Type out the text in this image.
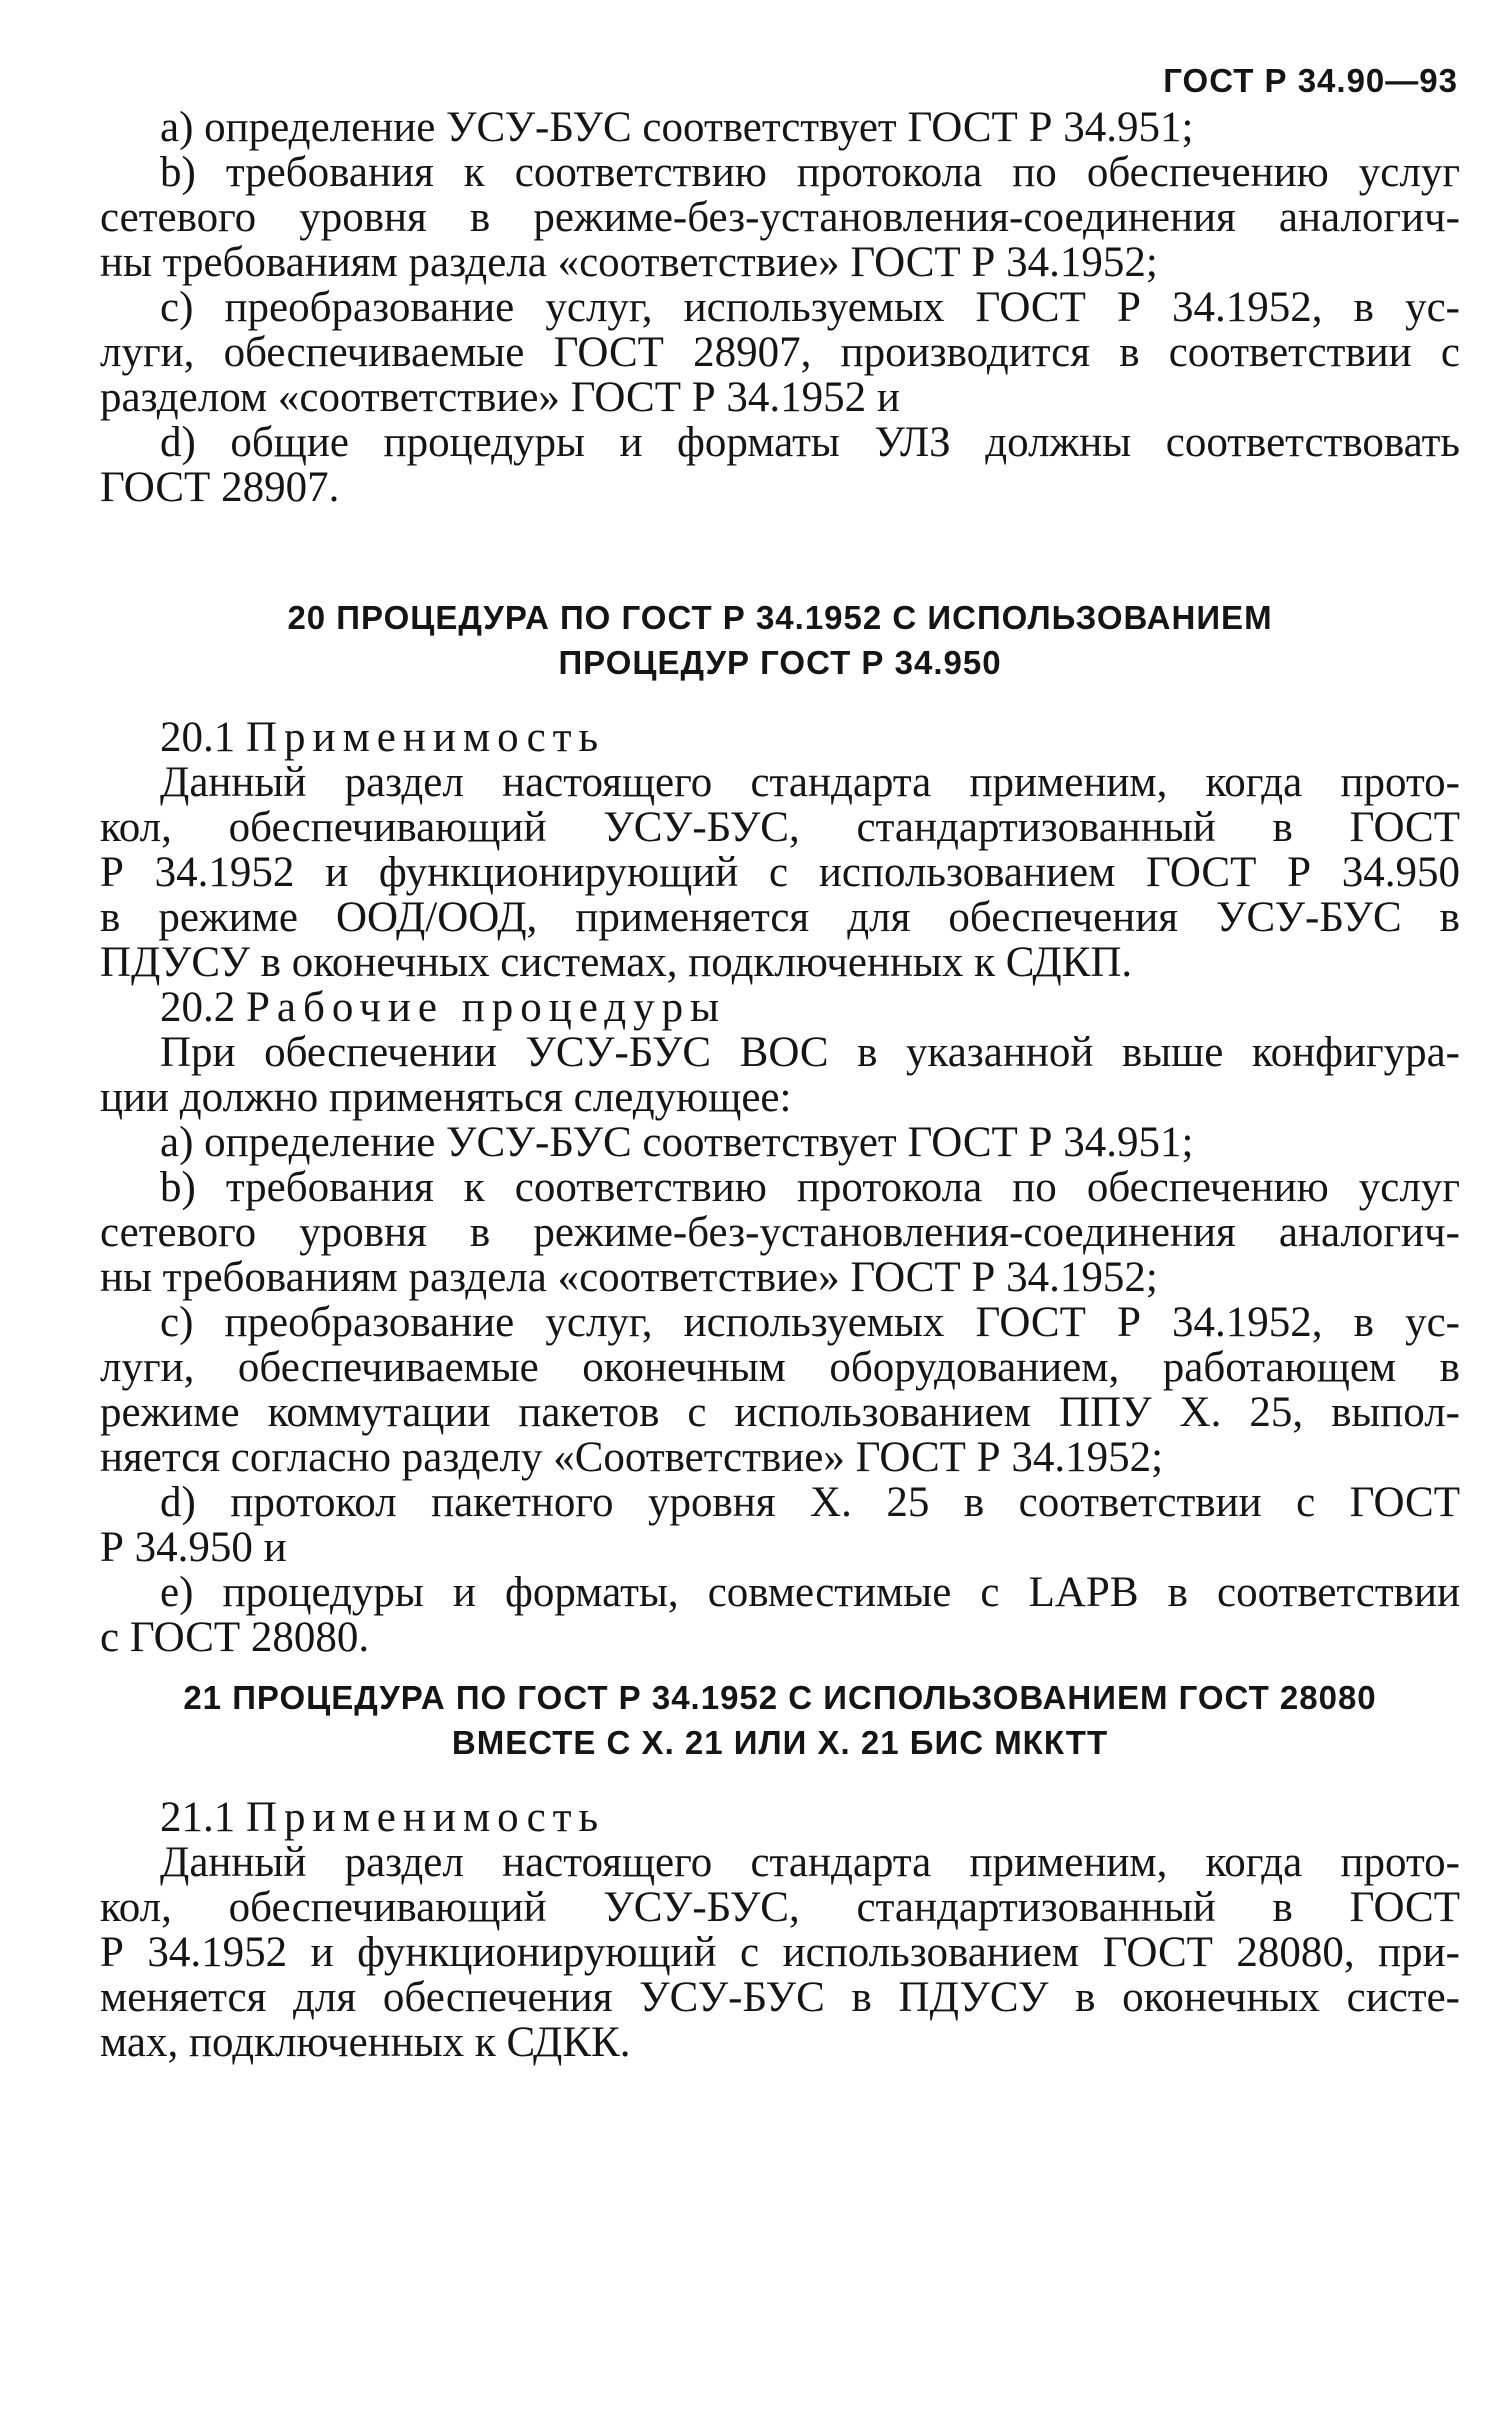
ГОСТ Р 34.90—93
а) определение УСУ-БУС соответствует ГОСТ Р 34.951;
b) требования к соответствию протокола по обеспечению услуг
сетевого уровня в режиме-без-установления-соединения аналогич-
ны требованиям раздела «соответствие» ГОСТ Р 34.1952;
c) преобразование услуг, используемых ГОСТ Р 34.1952, в ус-
луги, обеспечиваемые ГОСТ 28907, производится в соответствии с
разделом «соответствие» ГОСТ Р 34.1952 и
d) общие процедуры и форматы УЛЗ должны соответствовать
ГОСТ 28907.
20 ПРОЦЕДУРА ПО ГОСТ Р 34.1952 С ИСПОЛЬЗОВАНИЕМ
ПРОЦЕДУР ГОСТ Р 34.950
20.1 Применимость
Данный раздел настоящего стандарта применим, когда прото-
кол, обеспечивающий УСУ-БУС, стандартизованный в ГОСТ
Р 34.1952 и функционирующий с использованием ГОСТ Р 34.950
в режиме ООД/ООД, применяется для обеспечения УСУ-БУС в
ПДУСУ в оконечных системах, подключенных к СДКП.
20.2 Рабочие процедуры
При обеспечении УСУ-БУС ВОС в указанной выше конфигура-
ции должно применяться следующее:
а) определение УСУ-БУС соответствует ГОСТ Р 34.951;
b) требования к соответствию протокола по обеспечению услуг
сетевого уровня в режиме-без-установления-соединения аналогич-
ны требованиям раздела «соответствие» ГОСТ Р 34.1952;
c) преобразование услуг, используемых ГОСТ Р 34.1952, в ус-
луги, обеспечиваемые оконечным оборудованием, работающем в
режиме коммутации пакетов с использованием ППУ Х. 25, выпол-
няется согласно разделу «Соответствие» ГОСТ Р 34.1952;
d) протокол пакетного уровня Х. 25 в соответствии с ГОСТ
Р 34.950 и
е) процедуры и форматы, совместимые с LAPB в соответствии
с ГОСТ 28080.
21 ПРОЦЕДУРА ПО ГОСТ Р 34.1952 С ИСПОЛЬЗОВАНИЕМ ГОСТ 28080
ВМЕСТЕ С Х. 21 ИЛИ Х. 21 БИС МККТТ
21.1 Применимость
Данный раздел настоящего стандарта применим, когда прото-
кол, обеспечивающий УСУ-БУС, стандартизованный в ГОСТ
Р 34.1952 и функционирующий с использованием ГОСТ 28080, при-
меняется для обеспечения УСУ-БУС в ПДУСУ в оконечных систе-
мах, подключенных к СДКК.
